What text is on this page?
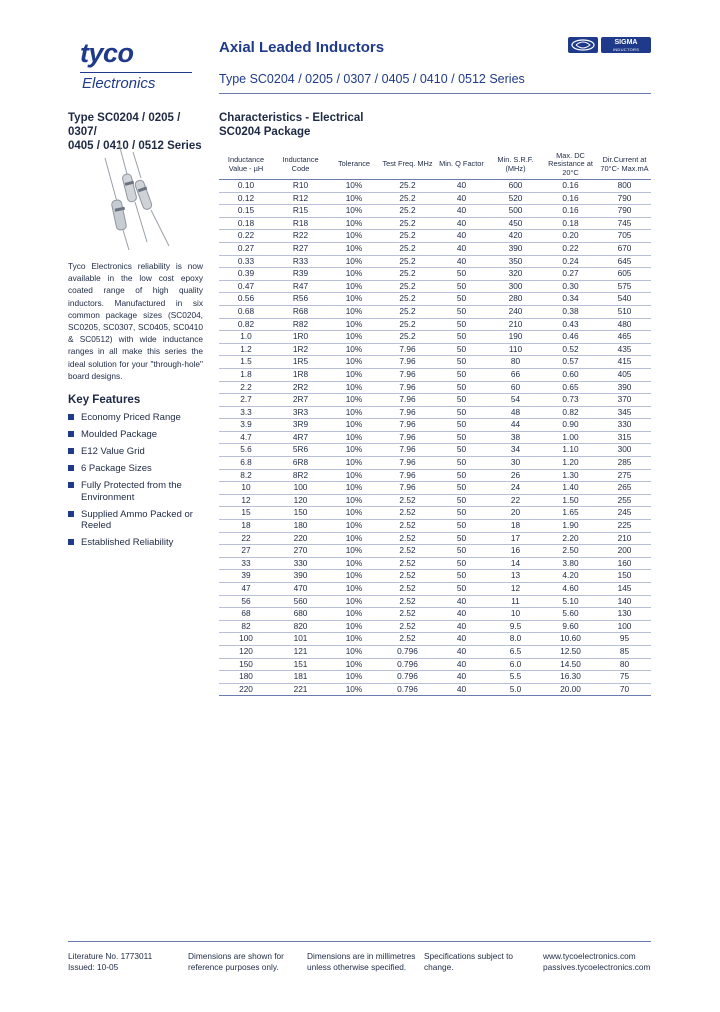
tyco
Electronics
Axial Leaded Inductors
Type SC0204 / 0205 / 0307 / 0405 / 0410 / 0512 Series
SIGMA
INDUCTORS
Type SC0204 / 0205 / 0307/
0405 / 0410 / 0512 Series
Tyco Electronics reliability is now available in the low cost epoxy coated range of high quality inductors. Manufactured in six common package sizes (SC0204, SC0205, SC0307, SC0405, SC0410 & SC0512) with wide inductance ranges in all make this series the ideal solution for your "through-hole" board designs.
Key Features
Economy Priced Range
Moulded Package
E12 Value Grid
6 Package Sizes
Fully Protected from the Environment
Supplied Ammo Packed or Reeled
Established Reliability
Characteristics - Electrical
SC0204 Package
Inductance Value - µH	Inductance Code	Tolerance	Test Freq. MHz	Min. Q Factor	Min. S.R.F. (MHz)	Max. DC Resistance at 20°C	Dir.Current at 70°C- Max.mA
0.10	R10	10%	25.2	40	600	0.16	800
0.12	R12	10%	25.2	40	520	0.16	790
0.15	R15	10%	25.2	40	500	0.16	790
0.18	R18	10%	25.2	40	450	0.18	745
0.22	R22	10%	25.2	40	420	0.20	705
0.27	R27	10%	25.2	40	390	0.22	670
0.33	R33	10%	25.2	40	350	0.24	645
0.39	R39	10%	25.2	50	320	0.27	605
0.47	R47	10%	25.2	50	300	0.30	575
0.56	R56	10%	25.2	50	280	0.34	540
0.68	R68	10%	25.2	50	240	0.38	510
0.82	R82	10%	25.2	50	210	0.43	480
1.0	1R0	10%	25.2	50	190	0.46	465
1.2	1R2	10%	7.96	50	110	0.52	435
1.5	1R5	10%	7.96	50	80	0.57	415
1.8	1R8	10%	7.96	50	66	0.60	405
2.2	2R2	10%	7.96	50	60	0.65	390
2.7	2R7	10%	7.96	50	54	0.73	370
3.3	3R3	10%	7.96	50	48	0.82	345
3.9	3R9	10%	7.96	50	44	0.90	330
4.7	4R7	10%	7.96	50	38	1.00	315
5.6	5R6	10%	7.96	50	34	1.10	300
6.8	6R8	10%	7.96	50	30	1.20	285
8.2	8R2	10%	7.96	50	26	1.30	275
10	100	10%	7.96	50	24	1.40	265
12	120	10%	2.52	50	22	1.50	255
15	150	10%	2.52	50	20	1.65	245
18	180	10%	2.52	50	18	1.90	225
22	220	10%	2.52	50	17	2.20	210
27	270	10%	2.52	50	16	2.50	200
33	330	10%	2.52	50	14	3.80	160
39	390	10%	2.52	50	13	4.20	150
47	470	10%	2.52	50	12	4.60	145
56	560	10%	2.52	40	11	5.10	140
68	680	10%	2.52	40	10	5.60	130
82	820	10%	2.52	40	9.5	9.60	100
100	101	10%	2.52	40	8.0	10.60	95
120	121	10%	0.796	40	6.5	12.50	85
150	151	10%	0.796	40	6.0	14.50	80
180	181	10%	0.796	40	5.5	16.30	75
220	221	10%	0.796	40	5.0	20.00	70
Literature No. 1773011
Issued: 10-05
Dimensions are shown for
reference purposes only.
Dimensions are in millimetres
unless otherwise specified.
Specifications subject to
change.
www.tycoelectronics.com
passives.tycoelectronics.com
